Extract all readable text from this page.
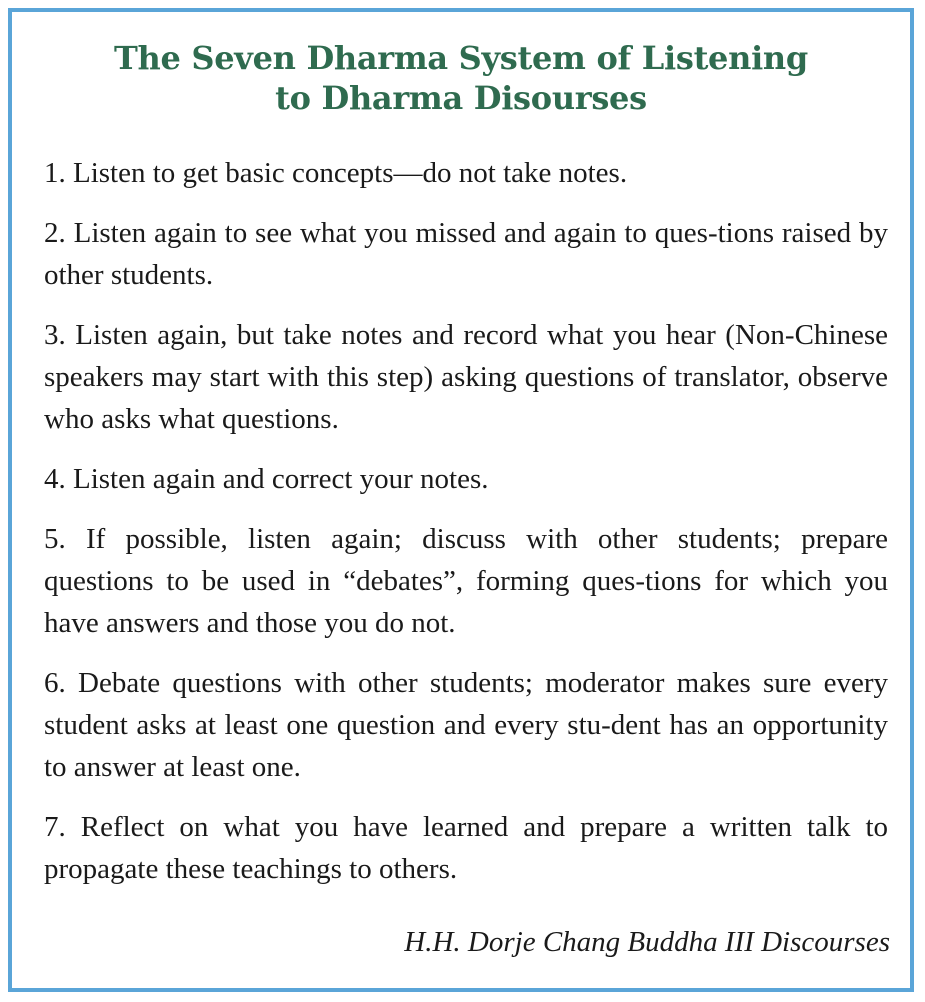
The Seven Dharma System of Listening
to Dharma Disourses

1. Listen to get basic concepts—do not take notes.

2. Listen again to see what you missed and again to ques-tions raised by other students.

3. Listen again, but take notes and record what you hear (Non-Chinese speakers may start with this step) asking questions of translator, observe who asks what questions.

4. Listen again and correct your notes.

5. If possible, listen again; discuss with other students; prepare questions to be used in “debates”, forming ques-tions for which you have answers and those you do not.

6. Debate questions with other students; moderator makes sure every student asks at least one question and every stu-dent has an opportunity to answer at least one.

7. Reflect on what you have learned and prepare a written talk to propagate these teachings to others.

H.H. Dorje Chang Buddha III Discourses
